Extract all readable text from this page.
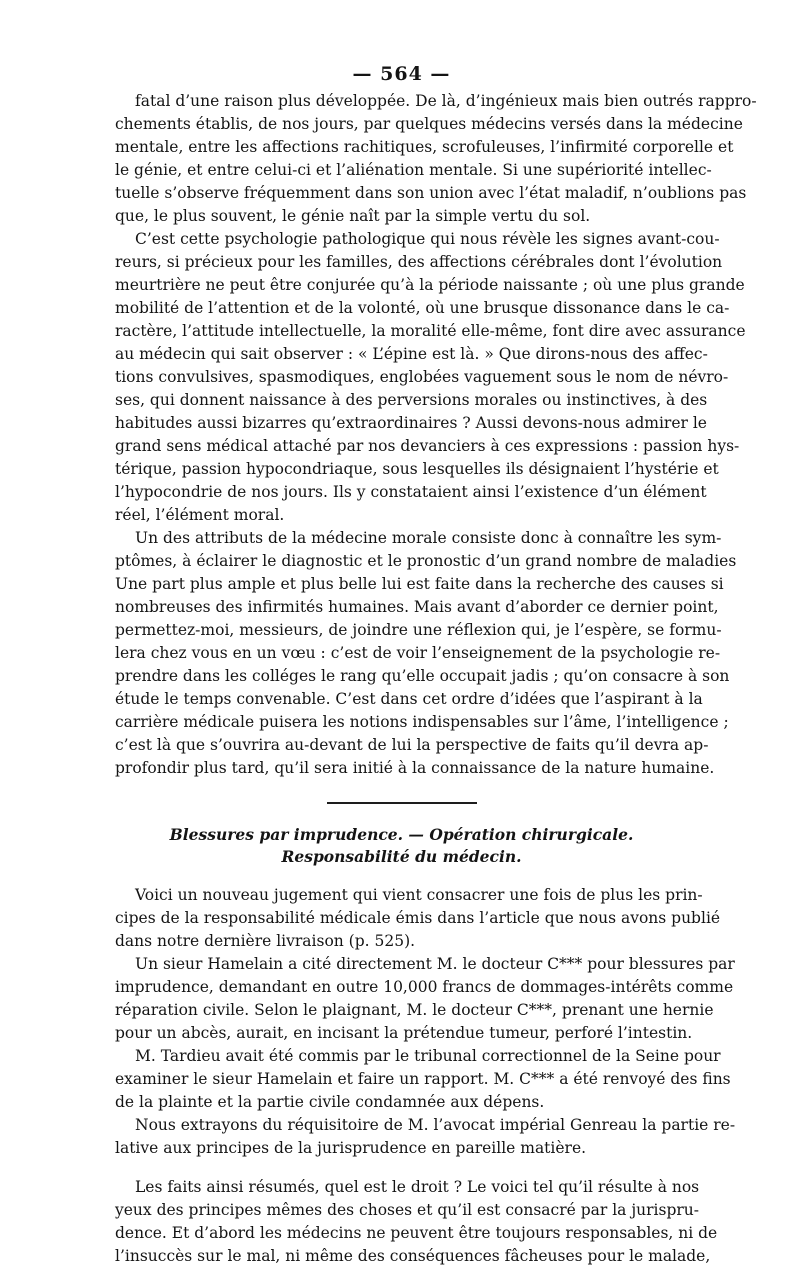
— 564 —
fatal d’une raison plus développée. De là, d’ingénieux mais bien outrés rappro-
chements établis, de nos jours, par quelques médecins versés dans la médecine
mentale, entre les affections rachitiques, scrofuleuses, l’infirmité corporelle et
le génie, et entre celui-ci et l’aliénation mentale. Si une supériorité intellec-
tuelle s’observe fréquemment dans son union avec l’état maladif, n’oublions pas
que, le plus souvent, le génie naît par la simple vertu du sol.
C’est cette psychologie pathologique qui nous révèle les signes avant-cou-
reurs, si précieux pour les familles, des affections cérébrales dont l’évolution
meurtrière ne peut être conjurée qu’à la période naissante ; où une plus grande
mobilité de l’attention et de la volonté, où une brusque dissonance dans le ca-
ractère, l’attitude intellectuelle, la moralité elle-même, font dire avec assurance
au médecin qui sait observer : « L’épine est là. » Que dirons-nous des affec-
tions convulsives, spasmodiques, englobées vaguement sous le nom de névro-
ses, qui donnent naissance à des perversions morales ou instinctives, à des
habitudes aussi bizarres qu’extraordinaires ? Aussi devons-nous admirer le
grand sens médical attaché par nos devanciers à ces expressions : passion hys-
térique, passion hypocondriaque, sous lesquelles ils désignaient l’hystérie et
l’hypocondrie de nos jours. Ils y constataient ainsi l’existence d’un élément
réel, l’élément moral.
Un des attributs de la médecine morale consiste donc à connaître les sym-
ptômes, à éclairer le diagnostic et le pronostic d’un grand nombre de maladies
Une part plus ample et plus belle lui est faite dans la recherche des causes si
nombreuses des infirmités humaines. Mais avant d’aborder ce dernier point,
permettez-moi, messieurs, de joindre une réflexion qui, je l’espère, se formu-
lera chez vous en un vœu : c’est de voir l’enseignement de la psychologie re-
prendre dans les colléges le rang qu’elle occupait jadis ; qu’on consacre à son
étude le temps convenable. C’est dans cet ordre d’idées que l’aspirant à la
carrière médicale puisera les notions indispensables sur l’âme, l’intelligence ;
c’est là que s’ouvrira au-devant de lui la perspective de faits qu’il devra ap-
profondir plus tard, qu’il sera initié à la connaissance de la nature humaine.
Blessures par imprudence. — Opération chirurgicale.
Responsabilité du médecin.
Voici un nouveau jugement qui vient consacrer une fois de plus les prin-
cipes de la responsabilité médicale émis dans l’article que nous avons publié
dans notre dernière livraison (p. 525).
Un sieur Hamelain a cité directement M. le docteur C*** pour blessures par
imprudence, demandant en outre 10,000 francs de dommages-intérêts comme
réparation civile. Selon le plaignant, M. le docteur C***, prenant une hernie
pour un abcès, aurait, en incisant la prétendue tumeur, perforé l’intestin.
M. Tardieu avait été commis par le tribunal correctionnel de la Seine pour
examiner le sieur Hamelain et faire un rapport. M. C*** a été renvoyé des fins
de la plainte et la partie civile condamnée aux dépens.
Nous extrayons du réquisitoire de M. l’avocat impérial Genreau la partie re-
lative aux principes de la jurisprudence en pareille matière.
Les faits ainsi résumés, quel est le droit ? Le voici tel qu’il résulte à nos
yeux des principes mêmes des choses et qu’il est consacré par la jurispru-
dence. Et d’abord les médecins ne peuvent être toujours responsables, ni de
l’insuccès sur le mal, ni même des conséquences fâcheuses pour le malade,
